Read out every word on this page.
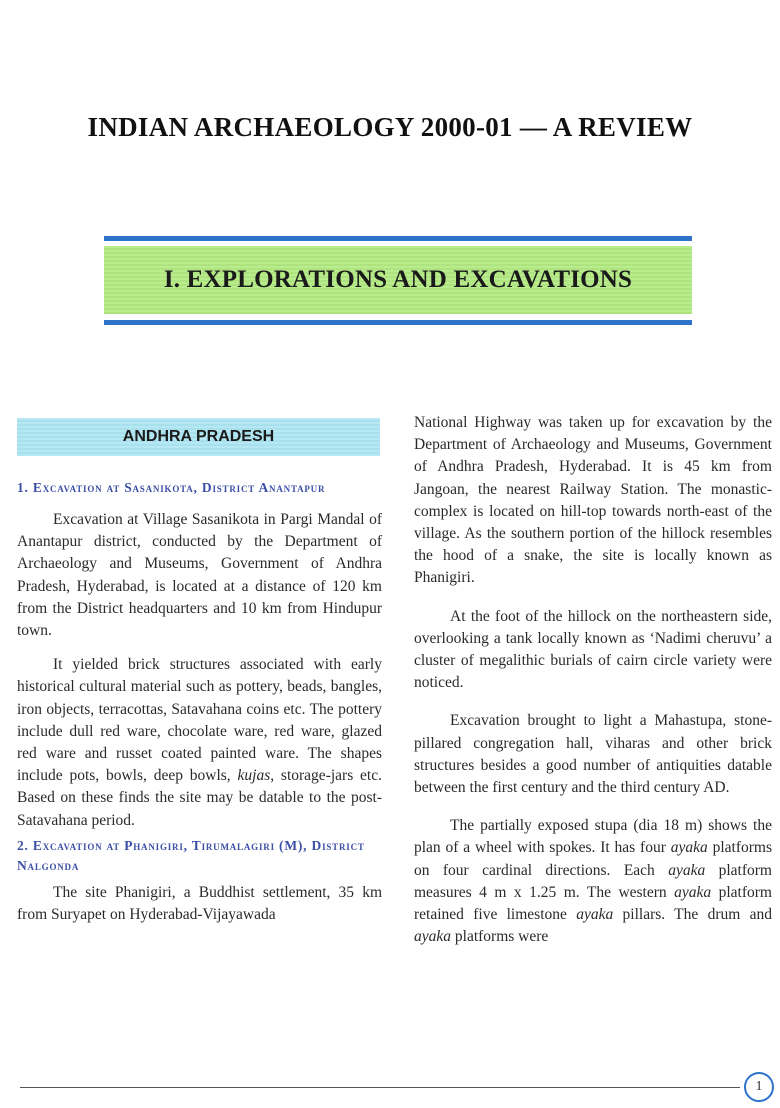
INDIAN ARCHAEOLOGY 2000-01 — A REVIEW
I. EXPLORATIONS AND EXCAVATIONS
ANDHRA PRADESH
1. Excavation at Sasanikota, District Anantapur

Excavation at Village Sasanikota in Pargi Mandal of Anantapur district, conducted by the Department of Archaeology and Museums, Government of Andhra Pradesh, Hyderabad, is located at a distance of 120 km from the District headquarters and 10 km from Hindupur town.

It yielded brick structures associated with early historical cultural material such as pottery, beads, bangles, iron objects, terracottas, Satavahana coins etc. The pottery include dull red ware, chocolate ware, red ware, glazed red ware and russet coated painted ware. The shapes include pots, bowls, deep bowls, kujas, storage-jars etc. Based on these finds the site may be datable to the post-Satavahana period.

2. Excavation at Phanigiri, Tirumalagiri (M), District Nalgonda

The site Phanigiri, a Buddhist settlement, 35 km from Suryapet on Hyderabad-Vijayawada

National Highway was taken up for excavation by the Department of Archaeology and Museums, Government of Andhra Pradesh, Hyderabad. It is 45 km from Jangoan, the nearest Railway Station. The monastic-complex is located on hill-top towards north-east of the village. As the southern portion of the hillock resembles the hood of a snake, the site is locally known as Phanigiri.

At the foot of the hillock on the northeastern side, overlooking a tank locally known as ‘Nadimi cheruvu’ a cluster of megalithic burials of cairn circle variety were noticed.

Excavation brought to light a Mahastupa, stone-pillared congregation hall, viharas and other brick structures besides a good number of antiquities datable between the first century and the third century AD.

The partially exposed stupa (dia 18 m) shows the plan of a wheel with spokes. It has four ayaka platforms on four cardinal directions. Each ayaka platform measures 4 m x 1.25 m. The western ayaka platform retained five limestone ayaka pillars. The drum and ayaka platforms were

1
